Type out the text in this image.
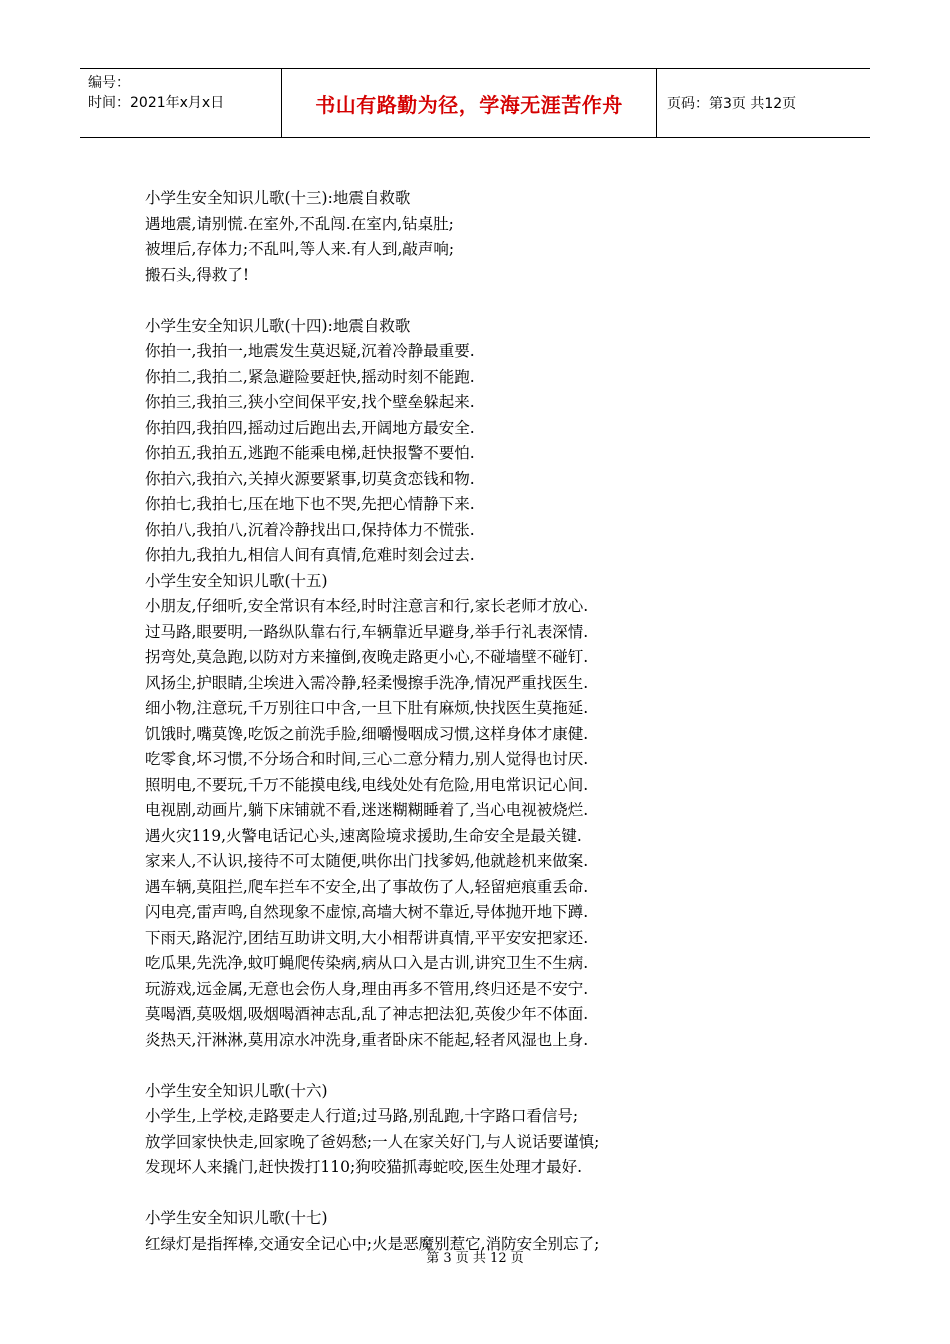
编号：
时间：2021年x月x日	书山有路勤为径，学海无涯苦作舟	页码：第3页 共12页
小学生安全知识儿歌(十三):地震自救歌
遇地震,请别慌.在室外,不乱闯.在室内,钻桌肚;
被埋后,存体力;不乱叫,等人来.有人到,敲声响;
搬石头,得救了!
小学生安全知识儿歌(十四):地震自救歌
你拍一,我拍一,地震发生莫迟疑,沉着冷静最重要.
你拍二,我拍二,紧急避险要赶快,摇动时刻不能跑.
你拍三,我拍三,狭小空间保平安,找个壁垒躲起来.
你拍四,我拍四,摇动过后跑出去,开阔地方最安全.
你拍五,我拍五,逃跑不能乘电梯,赶快报警不要怕.
你拍六,我拍六,关掉火源要紧事,切莫贪恋钱和物.
你拍七,我拍七,压在地下也不哭,先把心情静下来.
你拍八,我拍八,沉着冷静找出口,保持体力不慌张.
你拍九,我拍九,相信人间有真情,危难时刻会过去.
小学生安全知识儿歌(十五)
小朋友,仔细听,安全常识有本经,时时注意言和行,家长老师才放心.
过马路,眼要明,一路纵队靠右行,车辆靠近早避身,举手行礼表深情.
拐弯处,莫急跑,以防对方来撞倒,夜晚走路更小心,不碰墙壁不碰钉.
风扬尘,护眼睛,尘埃进入需冷静,轻柔慢擦手洗净,情况严重找医生.
细小物,注意玩,千万别往口中含,一旦下肚有麻烦,快找医生莫拖延.
饥饿时,嘴莫馋,吃饭之前洗手脸,细嚼慢咽成习惯,这样身体才康健.
吃零食,坏习惯,不分场合和时间,三心二意分精力,别人觉得也讨厌.
照明电,不要玩,千万不能摸电线,电线处处有危险,用电常识记心间.
电视剧,动画片,躺下床铺就不看,迷迷糊糊睡着了,当心电视被烧烂.
遇火灾119,火警电话记心头,速离险境求援助,生命安全是最关键.
家来人,不认识,接待不可太随便,哄你出门找爹妈,他就趁机来做案.
遇车辆,莫阻拦,爬车拦车不安全,出了事故伤了人,轻留疤痕重丢命.
闪电亮,雷声鸣,自然现象不虚惊,高墙大树不靠近,导体抛开地下蹲.
下雨天,路泥泞,团结互助讲文明,大小相帮讲真情,平平安安把家还.
吃瓜果,先洗净,蚊叮蝇爬传染病,病从口入是古训,讲究卫生不生病.
玩游戏,远金属,无意也会伤人身,理由再多不管用,终归还是不安宁.
莫喝酒,莫吸烟,吸烟喝酒神志乱,乱了神志把法犯,英俊少年不体面.
炎热天,汗淋淋,莫用凉水冲洗身,重者卧床不能起,轻者风湿也上身.
小学生安全知识儿歌(十六)
小学生,上学校,走路要走人行道;过马路,别乱跑,十字路口看信号;
放学回家快快走,回家晚了爸妈愁;一人在家关好门,与人说话要谨慎;
发现坏人来撬门,赶快拨打110;狗咬猫抓毒蛇咬,医生处理才最好.
小学生安全知识儿歌(十七)
红绿灯是指挥棒,交通安全记心中;火是恶魔别惹它,消防安全别忘了;
第 3 页 共 12 页
